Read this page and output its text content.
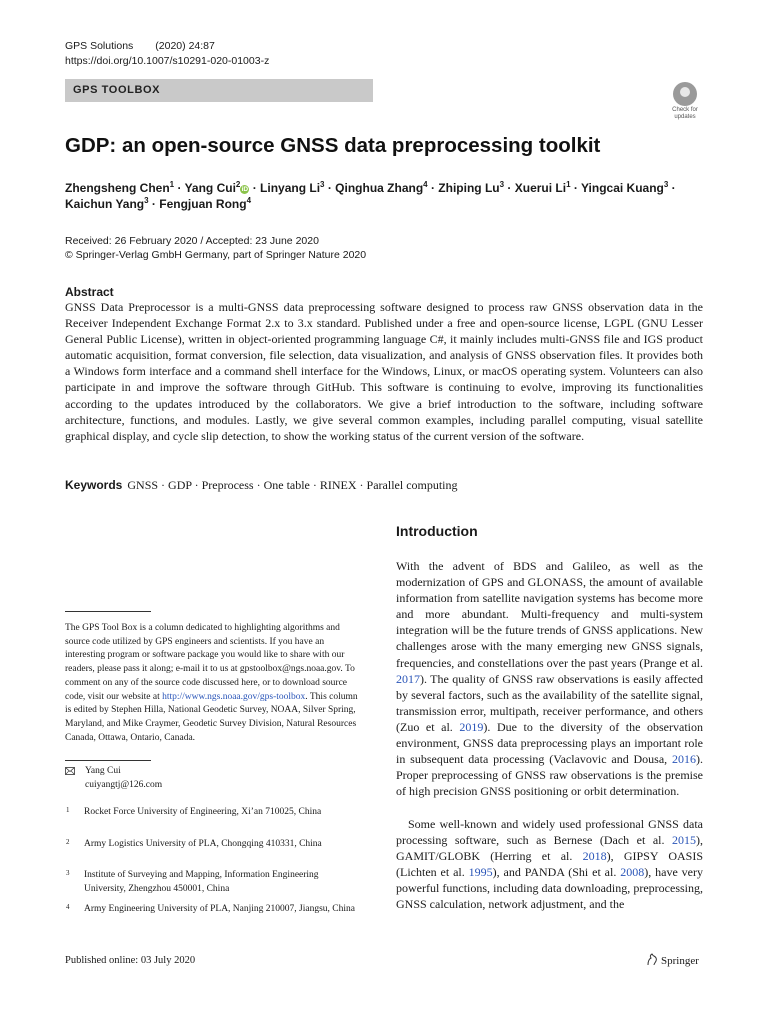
GPS Solutions (2020) 24:87
https://doi.org/10.1007/s10291-020-01003-z
GPS TOOLBOX
Check for updates
GDP: an open-source GNSS data preprocessing toolkit
Zhengsheng Chen$^1$ · Yang Cui$^2$iD · Linyang $Li^3$ · Qinghua Zhang$^4$ · Zhiping $Lu^3$ · Xuerui $Li^1$ · Yingcai Kuang$^3$ ·
Kaichun Yang$^3$ · Fengjuan Rong$^4$
Received: 26 February 2020 / Accepted: 23 June 2020
© Springer-Verlag GmbH Germany, part of Springer Nature 2020
Abstract

GNSS Data Preprocessor is a multi-GNSS data preprocessing software designed to process raw GNSS observation data in the Receiver Independent Exchange Format 2.x to 3.x standard. Published under a free and open-source license, LGPL (GNU Lesser General Public License), written in object-oriented programming language C#, it mainly includes multi-GNSS file and IGS product automatic acquisition, format conversion, file selection, data visualization, and analysis of GNSS observation files. It provides both a Windows form interface and a command shell interface for the Windows, Linux, or macOS operating system. Volunteers can also participate in and improve the software through GitHub. This software is continuing to evolve, improving its functionalities according to the updates introduced by the collaborators. We give a brief introduction to the software, including software architecture, functions, and modules. Lastly, we give several common examples, including parallel computing, visual satellite graphical display, and cycle slip detection, to show the working status of the current version of the software.

Keywords GNSS · GDP · Preprocess · One table · RINEX · Parallel computing
Introduction

With the advent of BDS and Galileo, as well as the modernization of GPS and GLONASS, the amount of available information from satellite navigation systems has become more and more abundant. Multi-frequency and multi-system integration will be the future trends of GNSS applications. New challenges arose with the many emerging new GNSS signals, frequencies, and constellations over the past years (Prange et al. 2017). The quality of GNSS raw observations is easily affected by several factors, such as the availability of the satellite signal, transmission error, multipath, receiver performance, and others (Zuo et al. 2019). Due to the diversity of the observation environment, GNSS data preprocessing plays an important role in subsequent data processing (Vaclavovic and Dousa, 2016). Proper preprocessing of GNSS raw observations is the premise of high precision GNSS positioning or orbit determination.

Some well-known and widely used professional GNSS data processing software, such as Bernese (Dach et al. 2015), GAMIT/GLOBK (Herring et al. 2018), GIPSY OASIS (Lichten et al. 1995), and PANDA (Shi et al. 2008), have very powerful functions, including data downloading, preprocessing, GNSS calculation, network adjustment, and the

The GPS Tool Box is a column dedicated to highlighting algorithms and source code utilized by GPS engineers and scientists. If you have an interesting program or software package you would like to share with our readers, please pass it along; e-mail it to us at gpstoolbox@ngs.noaa.gov. To comment on any of the source code discussed here, or to download source code, visit our website at http://www.ngs.noaa.gov/gps-toolbox. This column is edited by Stephen Hilla, National Geodetic Survey, NOAA, Silver Spring, Maryland, and Mike Craymer, Geodetic Survey Division, Natural Resources Canada, Ottawa, Ontario, Canada.

Yang Cui
cuiyangtj@126.com
1 Rocket Force University of Engineering, Xi’an 710025, China

2 Army Logistics University of PLA, Chongqing 410331, China

3 Institute of Surveying and Mapping, Information Engineering University, Zhengzhou 450001, China

4 Army Engineering University of PLA, Nanjing 210007, Jiangsu, China

Published online: 03 July 2020	Springer
